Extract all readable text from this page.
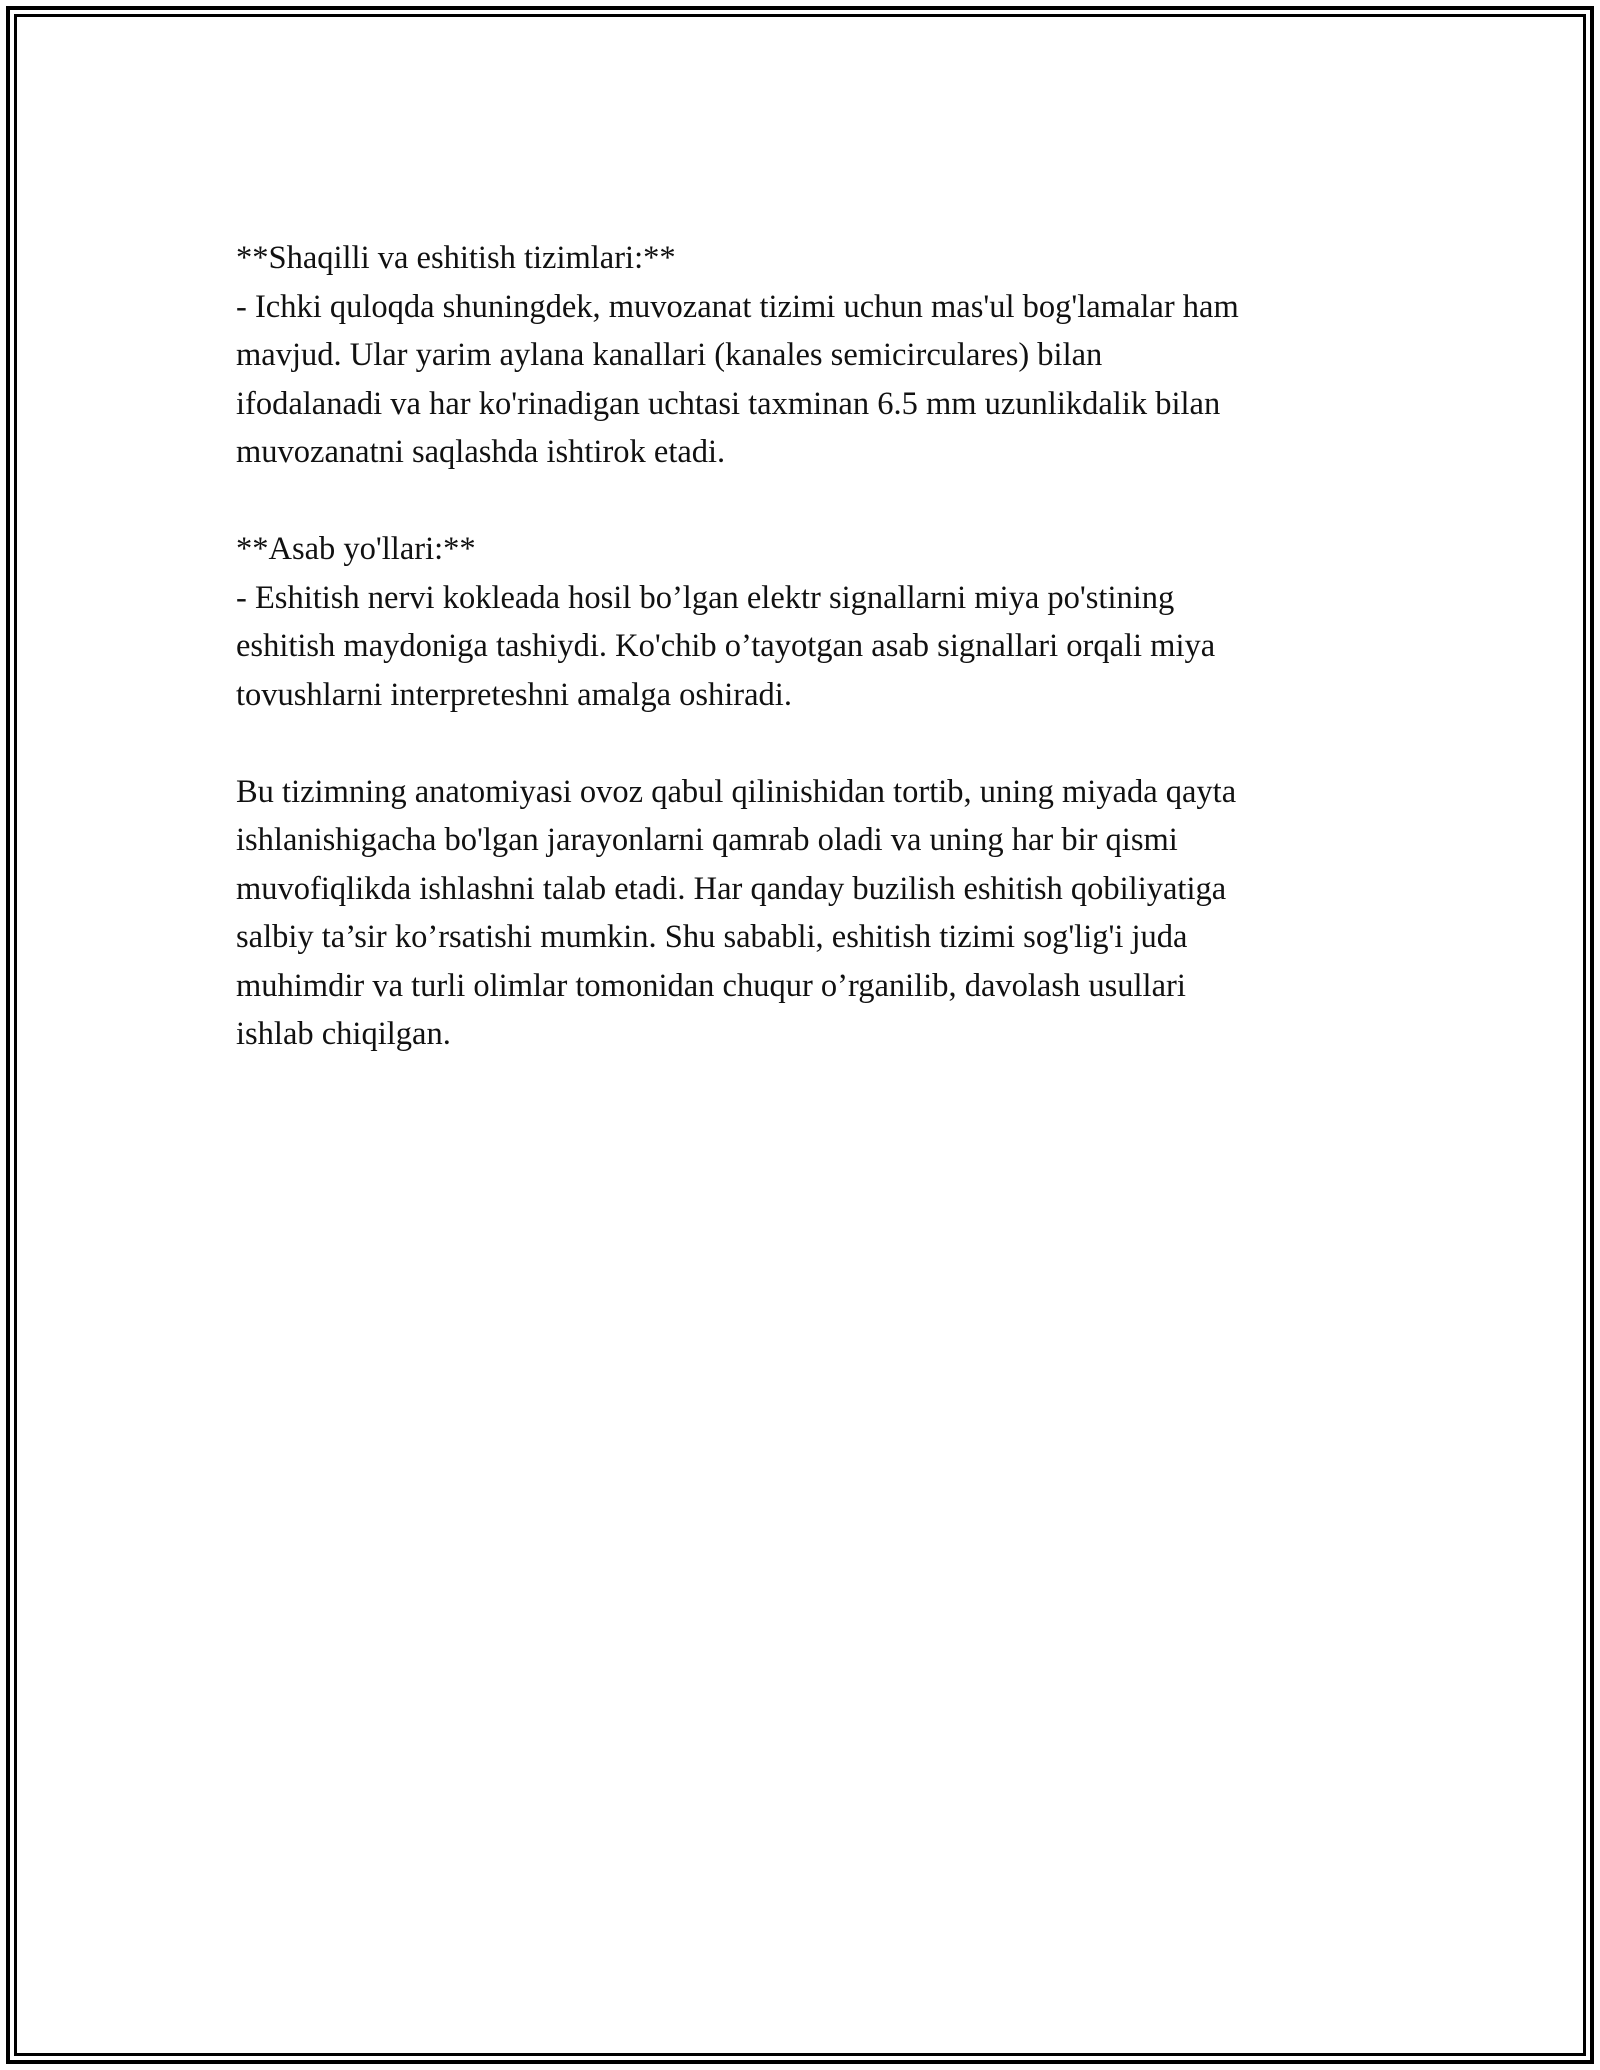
**Shaqilli va eshitish tizimlari:**

- Ichki quloqda shuningdek, muvozanat tizimi uchun mas'ul bog'lamalar ham

mavjud. Ular yarim aylana kanallari (kanales semicirculares) bilan

ifodalanadi va har ko'rinadigan uchtasi taxminan 6.5 mm uzunlikdalik bilan

muvozanatni saqlashda ishtirok etadi.

**Asab yo'llari:**

- Eshitish nervi kokleada hosil bo’lgan elektr signallarni miya po'stining

eshitish maydoniga tashiydi. Ko'chib o’tayotgan asab signallari orqali miya

tovushlarni interpreteshni amalga oshiradi.

Bu tizimning anatomiyasi ovoz qabul qilinishidan tortib, uning miyada qayta

ishlanishigacha bo'lgan jarayonlarni qamrab oladi va uning har bir qismi

muvofiqlikda ishlashni talab etadi. Har qanday buzilish eshitish qobiliyatiga

salbiy ta’sir ko’rsatishi mumkin. Shu sababli, eshitish tizimi sog'lig'i juda

muhimdir va turli olimlar tomonidan chuqur o’rganilib, davolash usullari

ishlab chiqilgan.
